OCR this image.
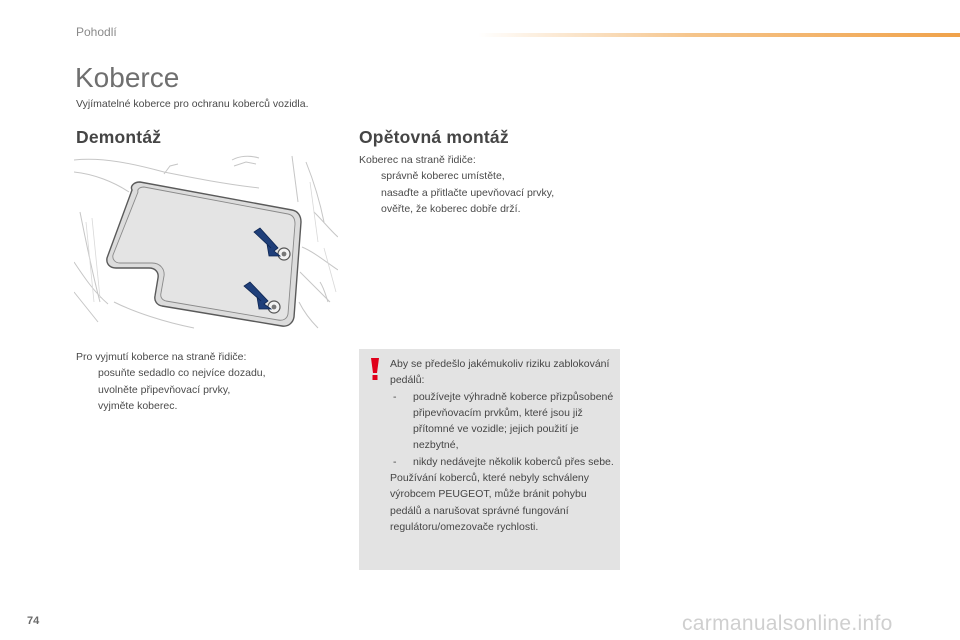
Pohodlí
Koberce
Vyjímatelné koberce pro ochranu koberců vozidla.
Demontáž
Pro vyjmutí koberce na straně řidiče:
posuňte sedadlo co nejvíce dozadu,
uvolněte připevňovací prvky,
vyjměte koberec.
Opětovná montáž
Koberec na straně řidiče:
správně koberec umístěte,
nasaďte a přitlačte upevňovací prvky,
ověřte, že koberec dobře drží.
Aby se předešlo jakémukoliv riziku zablokování pedálů:
- používejte výhradně koberce přizpůsobené připevňovacím prvkům, které jsou již přítomné ve vozidle; jejich použití je nezbytné,
- nikdy nedávejte několik koberců přes sebe.
Používání koberců, které nebyly schváleny výrobcem PEUGEOT, může bránit pohybu pedálů a narušovat správné fungování regulátoru/omezovače rychlosti.
74	carmanualsonline.info
